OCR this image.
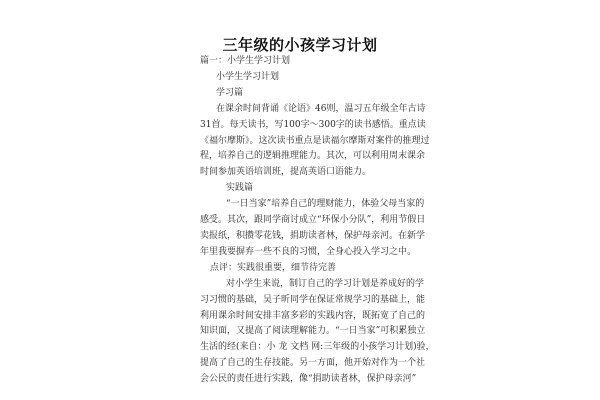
三年级的小孩学习计划
篇一：小学生学习计划
小学生学习计划
学习篇
在课余时间背诵《论语》46则，温习五年级全年古诗
31首。每天读书，写100字～300字的读书感悟。重点读
《福尔摩斯》。这次读书重点是读福尔摩斯对案件的推理过
程，培养自己的逻辑推理能力。其次，可以利用周末课余
时间参加英语培训班，提高英语口语能力。
实践篇
“一日当家”培养自己的理财能力，体验父母当家的
感受。其次，跟同学商讨成立“环保小分队”，利用节假日
卖报纸，积攒零花钱，捐助读者林，保护母亲河。在新学
年里我要摒弃一些不良的习惯，全身心投入学习之中。
点评：实践很重要，细节待完善
对小学生来说，制订自己的学习计划是养成好的学
习习惯的基础，吴子昕同学在保证常规学习的基础上，能
利用课余时间安排丰富多彩的实践内容，既拓宽了自己的
知识面，又提高了阅读理解能力。“一日当家”可积累独立
生活的经(来自：小 龙 文档 网:三年级的小孩学习计划)验，
提高了自己的生存技能。另一方面，他开始对作为一个社
会公民的责任进行实践，像“捐助读者林，保护母亲河”
